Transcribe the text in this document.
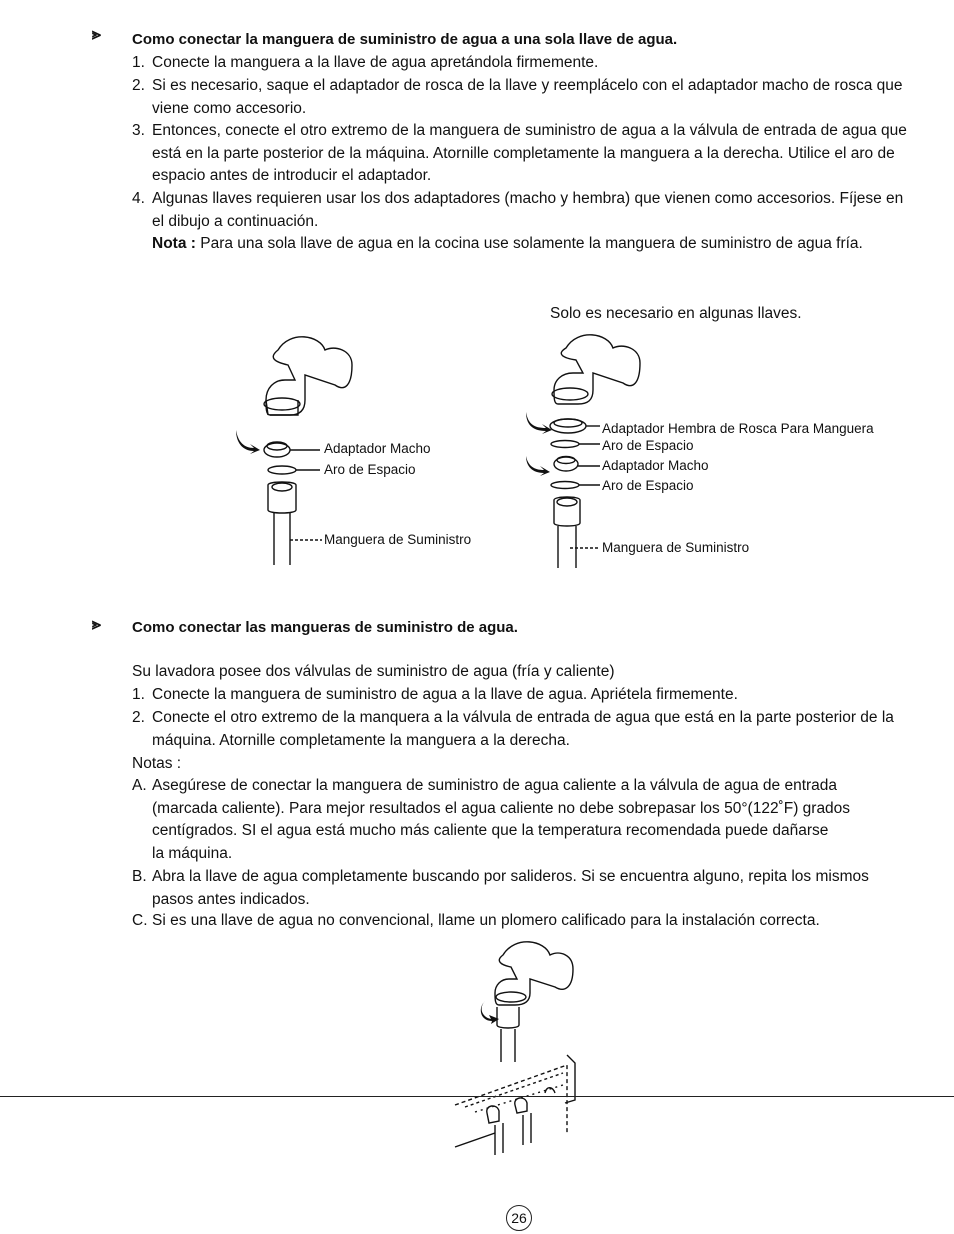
⪢ Como conectar la manguera de suministro de agua a una sola llave de agua.
1. Conecte la manguera a la llave de agua apretándola firmemente.
2. Si es necesario, saque el adaptador de rosca de la llave y reemplácelo con el adaptador macho de rosca que
viene como accesorio.
3. Entonces, conecte el otro extremo de la manguera de suministro de agua a la válvula de entrada de agua que
está en la parte posterior de la máquina. Atornille completamente la manguera a la derecha. Utilice el aro de
espacio antes de introducir el adaptador.
4. Algunas llaves requieren usar los dos adaptadores (macho y hembra) que vienen como accesorios. Fíjese en
el dibujo a continuación.
Nota : Para una sola llave de agua en la cocina use solamente la manguera de suministro de agua fría.
Solo es necesario en algunas llaves.
Adaptador Macho
Aro de Espacio
Manguera de Suministro
Adaptador Hembra de Rosca Para Manguera
Aro de Espacio
Adaptador Macho
Aro de Espacio
Manguera de Suministro
⪢ Como conectar las mangueras de suministro de agua.
Su lavadora posee dos válvulas de suministro de agua (fría y caliente)
1. Conecte la manguera de suministro de agua a la llave de agua. Apriétela firmemente.
2. Conecte el otro extremo de la manquera a la válvula de entrada de agua que está en la parte posterior de la
máquina. Atornille completamente la manguera a la derecha.
Notas :
A. Asegúrese de conectar la manguera de suministro de agua caliente a la válvula de agua de entrada
(marcada caliente). Para mejor resultados el agua caliente no debe sobrepasar los 50°(122˚F) grados
centígrados. SI el agua está mucho más caliente que la temperatura recomendada puede dañarse
la máquina.
B. Abra la llave de agua completamente buscando por salideros. Si se encuentra alguno, repita los mismos
pasos antes indicados.
C. Si es una llave de agua no convencional, llame un plomero calificado para la instalación correcta.
26
